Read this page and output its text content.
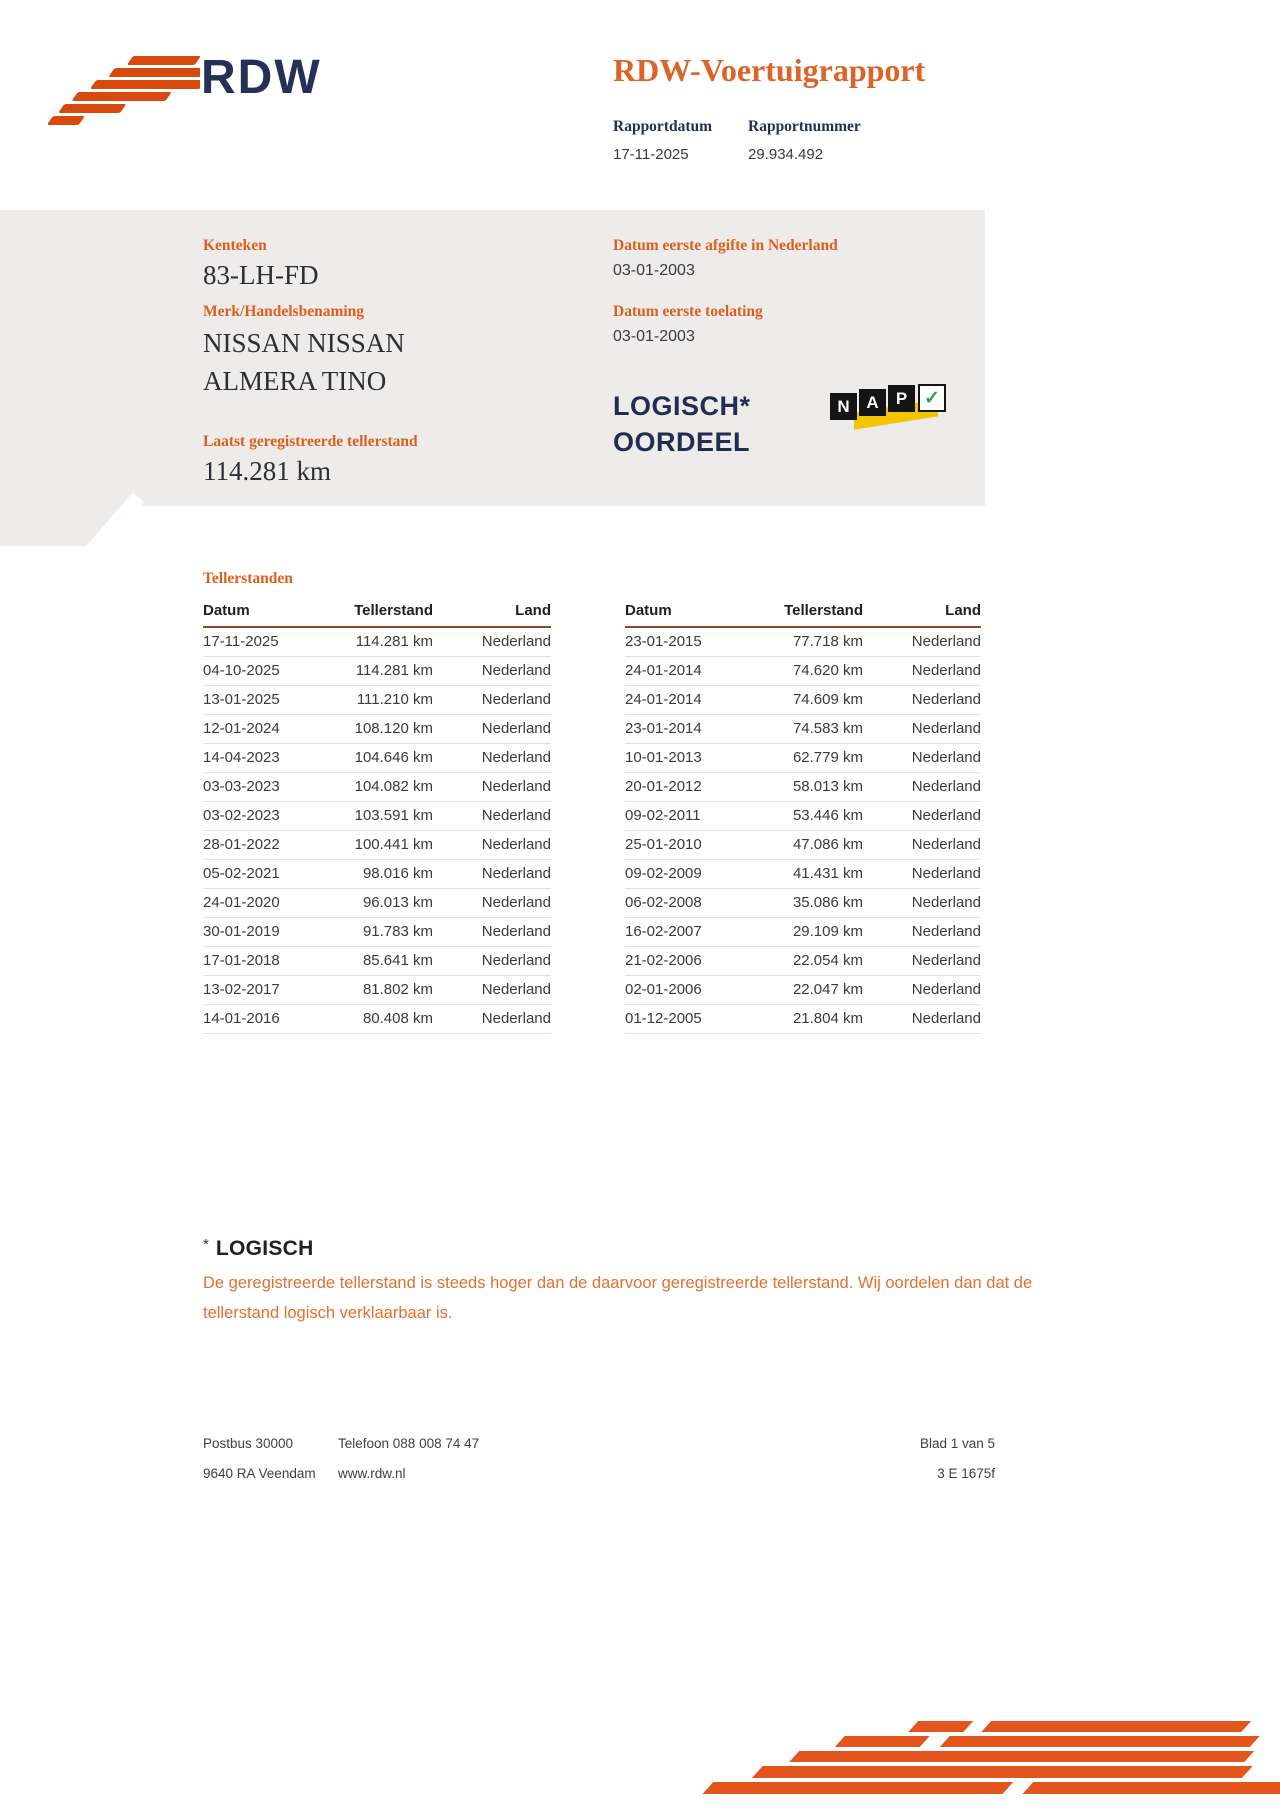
RDW	RDW-Voertuigrapport
Rapportdatum Rapportnummer
17-11-2025	29.934.492
Kenteken
83-LH-FD
Merk/Handelsbenaming
NISSAN NISSAN ALMERA TINO
Laatst geregistreerde tellerstand
114.281 km
Datum eerste afgifte in Nederland
03-01-2003
Datum eerste toelating
03-01-2003
LOGISCH*
OORDEEL
N A	P ✓
Tellerstanden
Datum	Tellerstand	Land
17-11-2025	114.281 km	Nederland
04-10-2025	114.281 km	Nederland
13-01-2025	111.210 km	Nederland
12-01-2024	108.120 km	Nederland
14-04-2023	104.646 km	Nederland
03-03-2023	104.082 km	Nederland
03-02-2023	103.591 km	Nederland
28-01-2022	100.441 km	Nederland
05-02-2021	98.016 km	Nederland
24-01-2020	96.013 km	Nederland
30-01-2019	91.783 km	Nederland
17-01-2018	85.641 km	Nederland
13-02-2017	81.802 km	Nederland
14-01-2016	80.408 km	Nederland
Datum	Tellerstand	Land
23-01-2015	77.718 km	Nederland
24-01-2014	74.620 km	Nederland
24-01-2014	74.609 km	Nederland
23-01-2014	74.583 km	Nederland
10-01-2013	62.779 km	Nederland
20-01-2012	58.013 km	Nederland
09-02-2011	53.446 km	Nederland
25-01-2010	47.086 km	Nederland
09-02-2009	41.431 km	Nederland
06-02-2008	35.086 km	Nederland
16-02-2007	29.109 km	Nederland
21-02-2006	22.054 km	Nederland
02-01-2006	22.047 km	Nederland
01-12-2005	21.804 km	Nederland
* LOGISCH
De geregistreerde tellerstand is steeds hoger dan de daarvoor geregistreerde tellerstand. Wij oordelen dan dat de tellerstand logisch verklaarbaar is.
Postbus 30000
9640 RA Veendam
Telefoon 088 008 74 47
www.rdw.nl
Blad 1 van 5
3 E 1675f
